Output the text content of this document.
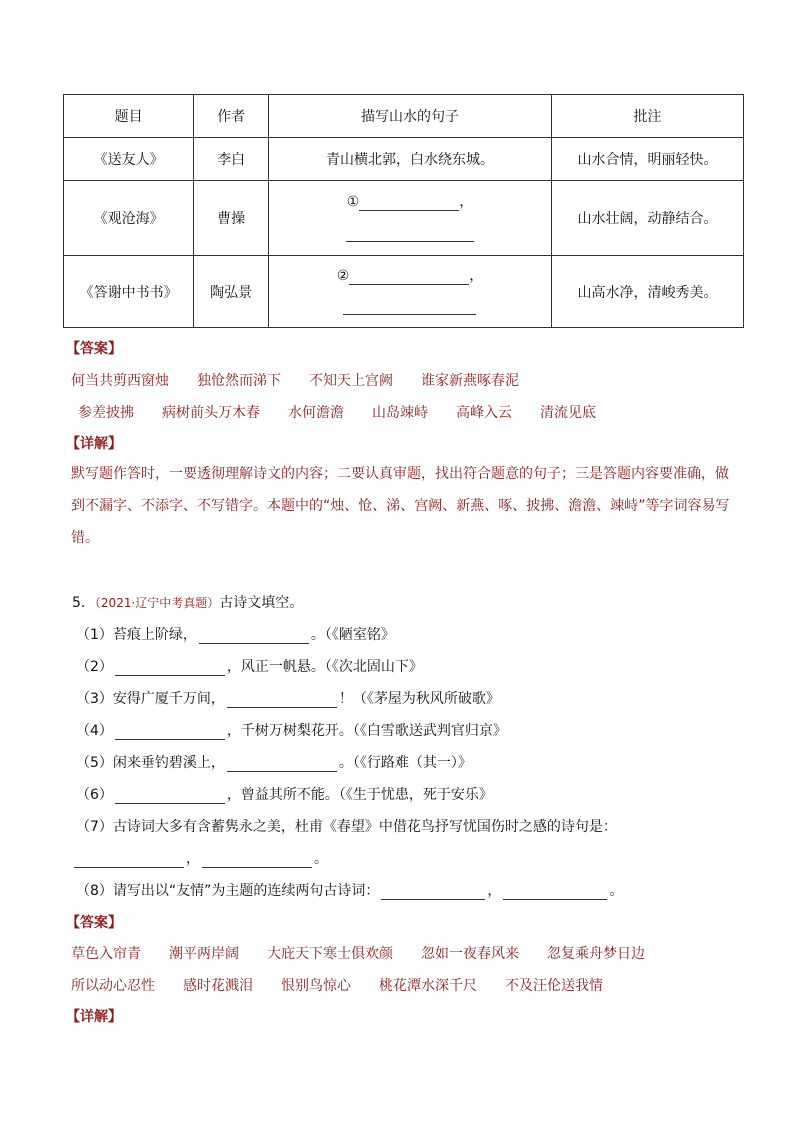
题目	作者	描写山水的句子	批注
《送友人》	李白	青山横北郭，白水绕东城。	山水合情，明丽轻快。
《观沧海》	曹操	① ，	山水壮阔，动静结合。
《答谢中书书》	陶弘景	② ，	山高水净，清峻秀美。
【答案】
何当共剪西窗烛 独怆然而涕下 不知天上宫阙 谁家新燕啄春泥
参差披拂 病树前头万木春 水何澹澹 山岛竦峙 高峰入云 清流见底
【详解】
默写题作答时，一要透彻理解诗文的内容；二要认真审题，找出符合题意的句子；三是答题内容要准确，做到不漏字、不添字、不写错字。本题中的“烛、怆、涕、宫阙、新燕、啄、披拂、澹澹、竦峙”等字词容易写错。
5．（2021·辽宁中考真题）古诗文填空。
（1）苔痕上阶绿，	。（《陋室铭》
（2）	，风正一帆悬。（《次北固山下》
（3）安得广厦千万间，	！（《茅屋为秋风所破歌》
（4）	，千树万树梨花开。（《白雪歌送武判官归京》
（5）闲来垂钓碧溪上，	。（《行路难（其一）》
（6）	，曾益其所不能。（《生于忧患，死于安乐》
（7）古诗词大多有含蓄隽永之美，杜甫《春望》中借花鸟抒写忧国伤时之感的诗句是：
，	。
（8）请写出以“友情”为主题的连续两句古诗词：	，	。
【答案】
草色入帘青 潮平两岸阔 大庇天下寒士俱欢颜 忽如一夜春风来 忽复乘舟梦日边
所以动心忍性 感时花溅泪 恨别鸟惊心 桃花潭水深千尺 不及汪伦送我情
【详解】
